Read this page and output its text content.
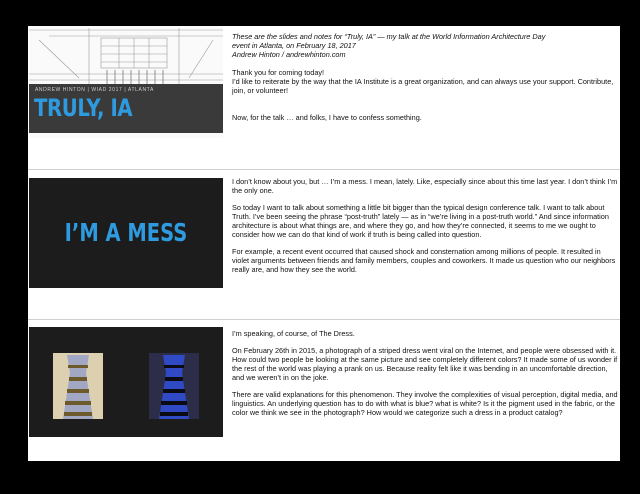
ANDREW HINTON | WIAD 2017 | ATLANTA
TRULY, IA
These are the slides and notes for “Truly, IA” — my talk at the World Information Architecture Day
event in Atlanta, on February 18, 2017
Andrew Hinton / andrewhinton.com

Thank you for coming today!
I’d like to reiterate by the way that the IA Institute is a great organization, and can always use your support. Contribute, join, or volunteer!

Now, for the talk … and folks, I have to confess something.

I’M A MESS

I don’t know about you, but … I’m a mess. I mean, lately. Like, especially since about this time last year. I don’t think I’m the only one.

So today I want to talk about something a little bit bigger than the typical design conference talk. I want to talk about Truth. I’ve been seeing the phrase “post-truth” lately — as in “we’re living in a post-truth world.” And since information architecture is about what things are, and where they go, and how they’re connected, it seems to me we ought to consider how we can do that kind of work if truth is being called into question.

For example, a recent event occurred that caused shock and consternation among millions of people. It resulted in violet arguments between friends and family members, couples and coworkers. It made us question who our neighbors really are, and how they see the world.

I’m speaking, of course, of The Dress.

On February 26th in 2015, a photograph of a striped dress went viral on the Internet, and people were obsessed with it. How could two people be looking at the same picture and see completely different colors? It made some of us wonder if the rest of the world was playing a prank on us. Because reality felt like it was bending in an uncomfortable direction, and we weren’t in on the joke.

There are valid explanations for this phenomenon. They involve the complexities of visual perception, digital media, and linguistics. An underlying question has to do with what is blue? what is white? Is it the pigment used in the fabric, or the color we think we see in the photograph? How would we categorize such a dress in a product catalog?
